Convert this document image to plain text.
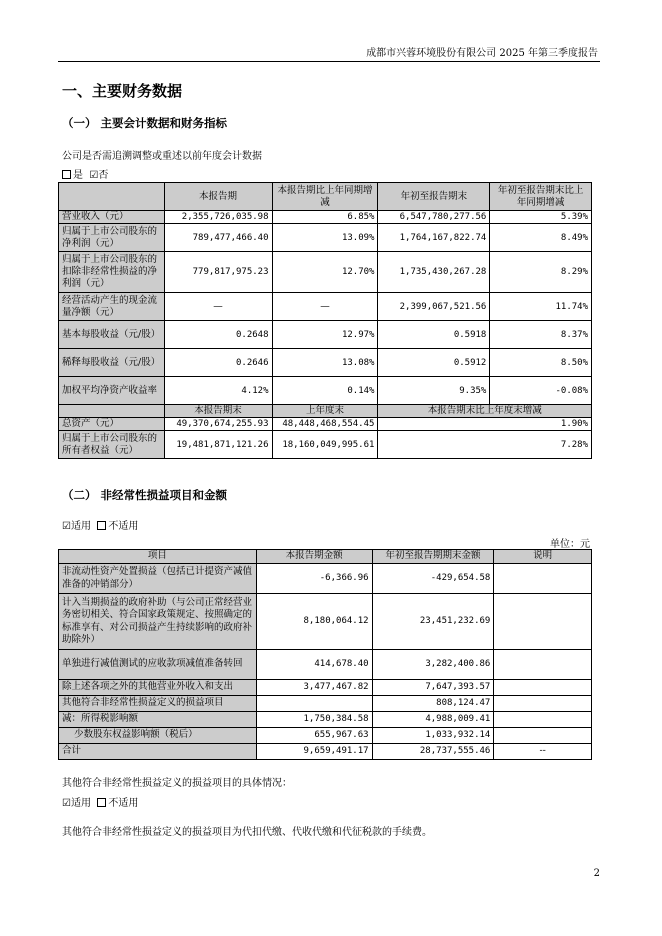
成都市兴蓉环境股份有限公司 2025 年第三季度报告
一、主要财务数据
（一） 主要会计数据和财务指标
公司是否需追溯调整或重述以前年度会计数据
是 ☑否
	本报告期	本报告期比上年同期增减	年初至报告期末	年初至报告期末比上年同期增减
营业收入（元）	2,355,726,035.98	6.85%	6,547,780,277.56	5.39%
归属于上市公司股东的净利润（元）	789,477,466.40	13.09%	1,764,167,822.74	8.49%
归属于上市公司股东的扣除非经常性损益的净利润（元）	779,817,975.23	12.70%	1,735,430,267.28	8.29%
经营活动产生的现金流量净额（元）	—	—	2,399,067,521.56	11.74%
基本每股收益（元/股）	0.2648	12.97%	0.5918	8.37%
稀释每股收益（元/股）	0.2646	13.08%	0.5912	8.50%
加权平均净资产收益率	4.12%	0.14%	9.35%	-0.08%
	本报告期末	上年度末	本报告期末比上年度末增减	
总资产（元）	49,370,674,255.93	48,448,468,554.45	1.90%	
归属于上市公司股东的所有者权益（元）	19,481,871,121.26	18,160,049,995.61	7.28%	
（二） 非经常性损益项目和金额
☑适用 不适用
单位：元
项目	本报告期金额	年初至报告期期末金额	说明
非流动性资产处置损益（包括已计提资产减值准备的冲销部分）	-6,366.96	-429,654.58	
计入当期损益的政府补助（与公司正常经营业务密切相关、符合国家政策规定、按照确定的标准享有、对公司损益产生持续影响的政府补助除外）	8,180,064.12	23,451,232.69	
单独进行减值测试的应收款项减值准备转回	414,678.40	3,282,400.86	
除上述各项之外的其他营业外收入和支出	3,477,467.82	7,647,393.57	
其他符合非经常性损益定义的损益项目		808,124.47	
减：所得税影响额	1,750,384.58	4,988,009.41	
少数股东权益影响额（税后）	655,967.63	1,033,932.14	
合计	9,659,491.17	28,737,555.46	--
其他符合非经常性损益定义的损益项目的具体情况：
☑适用 不适用
其他符合非经常性损益定义的损益项目为代扣代缴、代收代缴和代征税款的手续费。
2
